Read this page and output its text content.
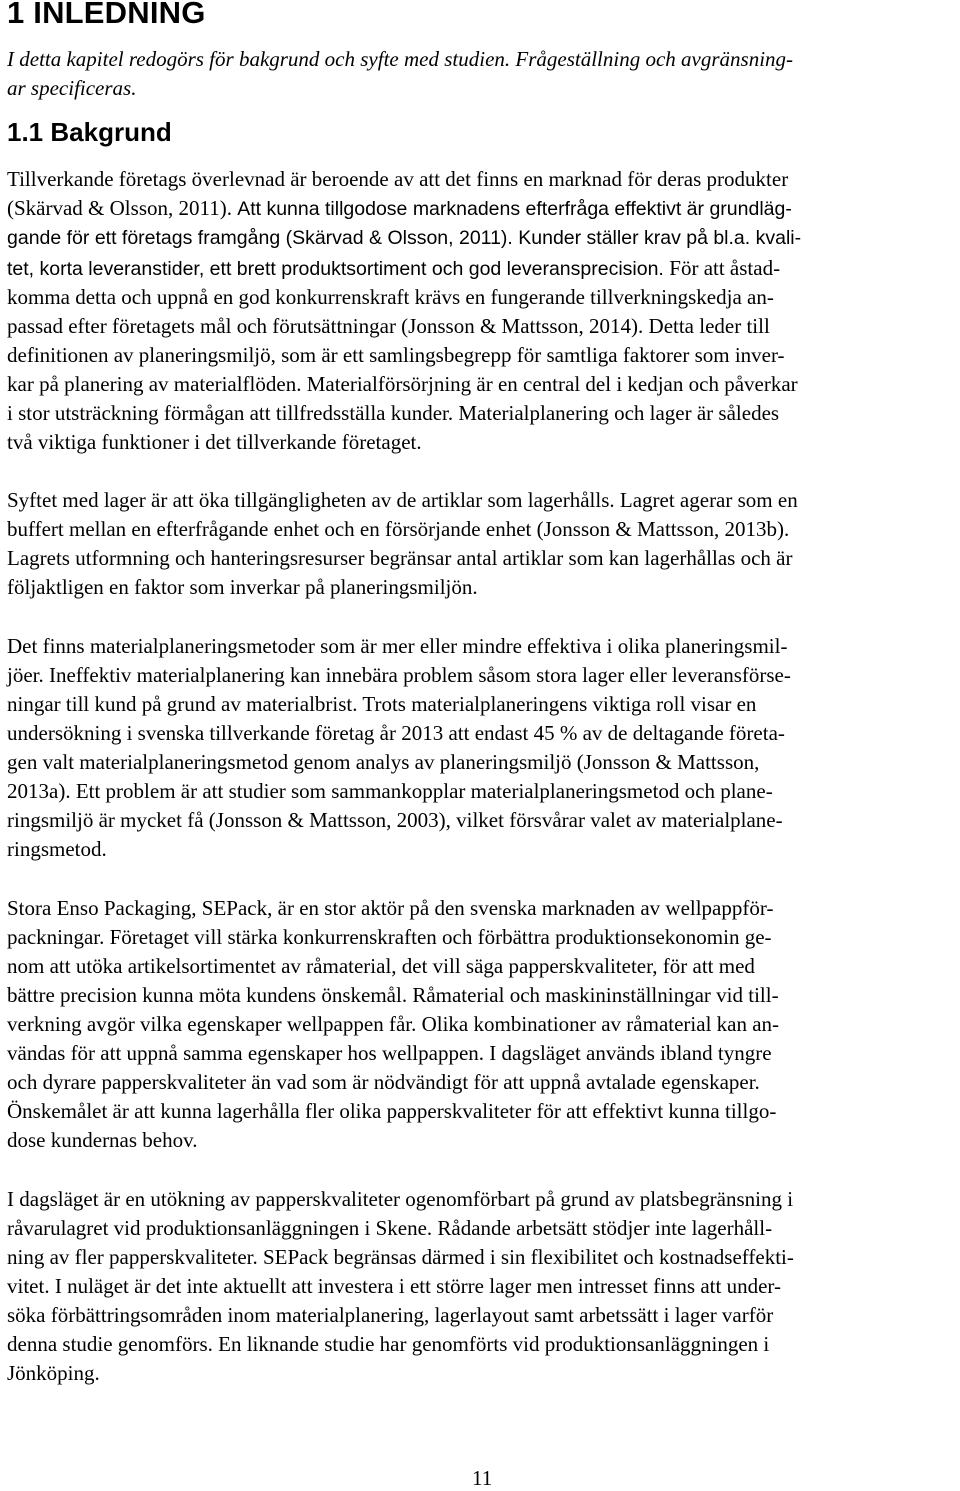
1 INLEDNING
I detta kapitel redogörs för bakgrund och syfte med studien. Frågeställning och avgränsning-
ar specificeras.
1.1 Bakgrund
Tillverkande företags överlevnad är beroende av att det finns en marknad för deras produkter
(Skärvad & Olsson, 2011). Att kunna tillgodose marknadens efterfråga effektivt är grundläg-
gande för ett företags framgång (Skärvad & Olsson, 2011). Kunder ställer krav på bl.a. kvali-
tet, korta leveranstider, ett brett produktsortiment och god leveransprecision. För att åstad-
komma detta och uppnå en god konkurrenskraft krävs en fungerande tillverkningskedja an-
passad efter företagets mål och förutsättningar (Jonsson & Mattsson, 2014). Detta leder till
definitionen av planeringsmiljö, som är ett samlingsbegrepp för samtliga faktorer som inver-
kar på planering av materialflöden. Materialförsörjning är en central del i kedjan och påverkar
i stor utsträckning förmågan att tillfredsställa kunder. Materialplanering och lager är således
två viktiga funktioner i det tillverkande företaget.
Syftet med lager är att öka tillgängligheten av de artiklar som lagerhålls. Lagret agerar som en
buffert mellan en efterfrågande enhet och en försörjande enhet (Jonsson & Mattsson, 2013b).
Lagrets utformning och hanteringsresurser begränsar antal artiklar som kan lagerhållas och är
följaktligen en faktor som inverkar på planeringsmiljön.
Det finns materialplaneringsmetoder som är mer eller mindre effektiva i olika planeringsmil-
jöer. Ineffektiv materialplanering kan innebära problem såsom stora lager eller leveransförse-
ningar till kund på grund av materialbrist. Trots materialplaneringens viktiga roll visar en
undersökning i svenska tillverkande företag år 2013 att endast 45 % av de deltagande företa-
gen valt materialplaneringsmetod genom analys av planeringsmiljö (Jonsson & Mattsson,
2013a). Ett problem är att studier som sammankopplar materialplaneringsmetod och plane-
ringsmiljö är mycket få (Jonsson & Mattsson, 2003), vilket försvårar valet av materialplane-
ringsmetod.
Stora Enso Packaging, SEPack, är en stor aktör på den svenska marknaden av wellpappför-
packningar. Företaget vill stärka konkurrenskraften och förbättra produktionsekonomin ge-
nom att utöka artikelsortimentet av råmaterial, det vill säga papperskvaliteter, för att med
bättre precision kunna möta kundens önskemål. Råmaterial och maskininställningar vid till-
verkning avgör vilka egenskaper wellpappen får. Olika kombinationer av råmaterial kan an-
vändas för att uppnå samma egenskaper hos wellpappen. I dagsläget används ibland tyngre
och dyrare papperskvaliteter än vad som är nödvändigt för att uppnå avtalade egenskaper.
Önskemålet är att kunna lagerhålla fler olika papperskvaliteter för att effektivt kunna tillgo-
dose kundernas behov.
I dagsläget är en utökning av papperskvaliteter ogenomförbart på grund av platsbegränsning i
råvarulagret vid produktionsanläggningen i Skene. Rådande arbetsätt stödjer inte lagerhåll-
ning av fler papperskvaliteter. SEPack begränsas därmed i sin flexibilitet och kostnadseffekti-
vitet. I nuläget är det inte aktuellt att investera i ett större lager men intresset finns att under-
söka förbättringsområden inom materialplanering, lagerlayout samt arbetssätt i lager varför
denna studie genomförs. En liknande studie har genomförts vid produktionsanläggningen i
Jönköping.
11
